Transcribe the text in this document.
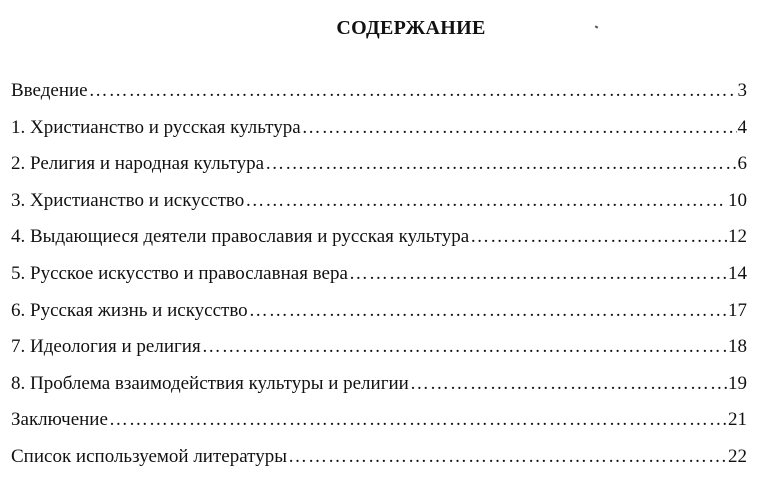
СОДЕРЖАНИЕ
Введение ……………………………………………………………………………………………………………………………………………………	3
1. Христианство и русская культура ……………………………………………………………………………………………………………………………………………………	4
2. Религия и народная культура ……………………………………………………………………………………………………………………………………………………	6
3. Христианство и искусство ……………………………………………………………………………………………………………………………………………………	10
4. Выдающиеся деятели православия и русская культура ……………………………………………………………………………………………………………………………………………………	12
5. Русское искусство и православная вера ……………………………………………………………………………………………………………………………………………………	14
6. Русская жизнь и искусство ……………………………………………………………………………………………………………………………………………………	17
7. Идеология и религия ……………………………………………………………………………………………………………………………………………………	18
8. Проблема взаимодействия культуры и религии ……………………………………………………………………………………………………………………………………………………	19
Заключение ……………………………………………………………………………………………………………………………………………………	21
Список используемой литературы ……………………………………………………………………………………………………………………………………………………	22
